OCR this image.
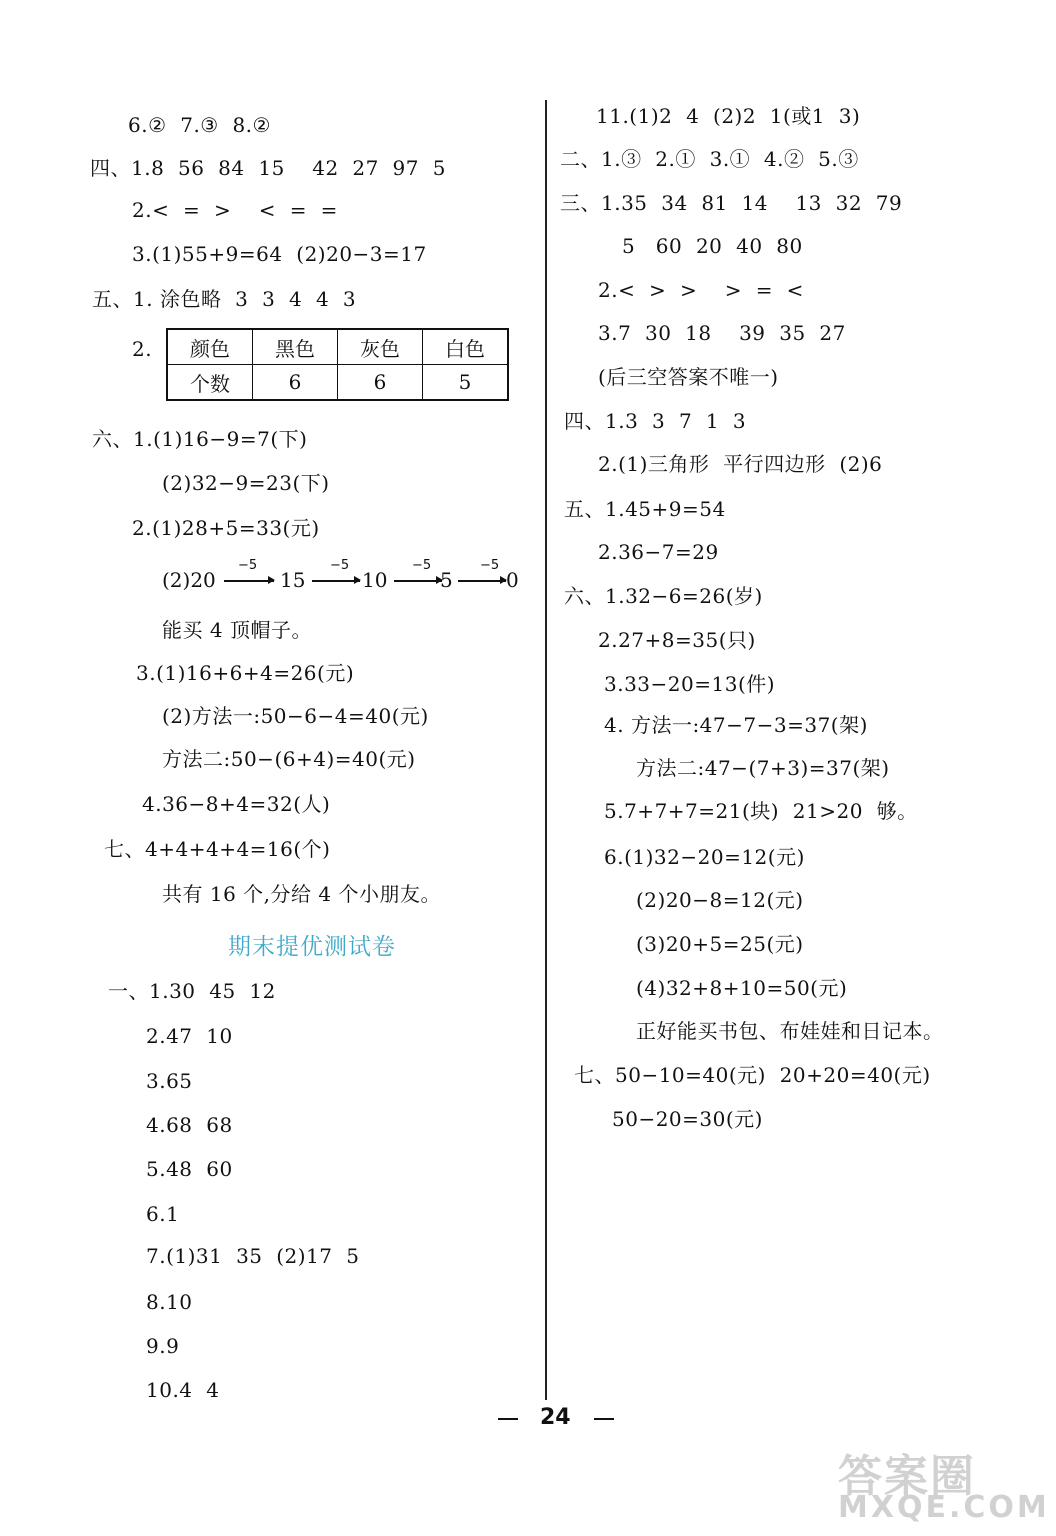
6.②  7.③  8.②
四、1.8  56  84  15    42  27  97  5
2.<  =  >    <  =  =
3.(1)55+9=64  (2)20−3=17
五、1. 涂色略  3  3  4  4  3
2. 颜色	黑色	灰色	白色
个数	6	6	5
六、1.(1)16−9=7(下)
(2)32−9=23(下)
2.(1)28+5=33(元)
(2)20
−5
15
−5
10
−5
5
−5
0
能买 4 顶帽子。
3.(1)16+6+4=26(元)
(2)方法一:50−6−4=40(元)
方法二:50−(6+4)=40(元)
4.36−8+4=32(人)
七、4+4+4+4=16(个)
共有 16 个,分给 4 个小朋友。
期末提优测试卷
一、1.30  45  12
2.47  10
3.65
4.68  68
5.48  60
6.1
7.(1)31  35  (2)17  5
8.10
9.9
10.4  4
11.(1)2  4  (2)2  1(或1  3)
二、1.③  2.①  3.①  4.②  5.③
三、1.35  34  81  14    13  32  79
5   60  20  40  80
2.<  >  >    >  =  <
3.7  30  18    39  35  27
(后三空答案不唯一)
四、1.3  3  7  1  3
2.(1)三角形  平行四边形  (2)6
五、1.45+9=54
2.36−7=29
六、1.32−6=26(岁)
2.27+8=35(只)
3.33−20=13(件)
4. 方法一:47−7−3=37(架)
方法二:47−(7+3)=37(架)
5.7+7+7=21(块)  21>20  够。
6.(1)32−20=12(元)
(2)20−8=12(元)
(3)20+5=25(元)
(4)32+8+10=50(元)
正好能买书包、布娃娃和日记本。
七、50−10=40(元)  20+20=40(元)
50−20=30(元)
24
答案圈
MXQE.COM
